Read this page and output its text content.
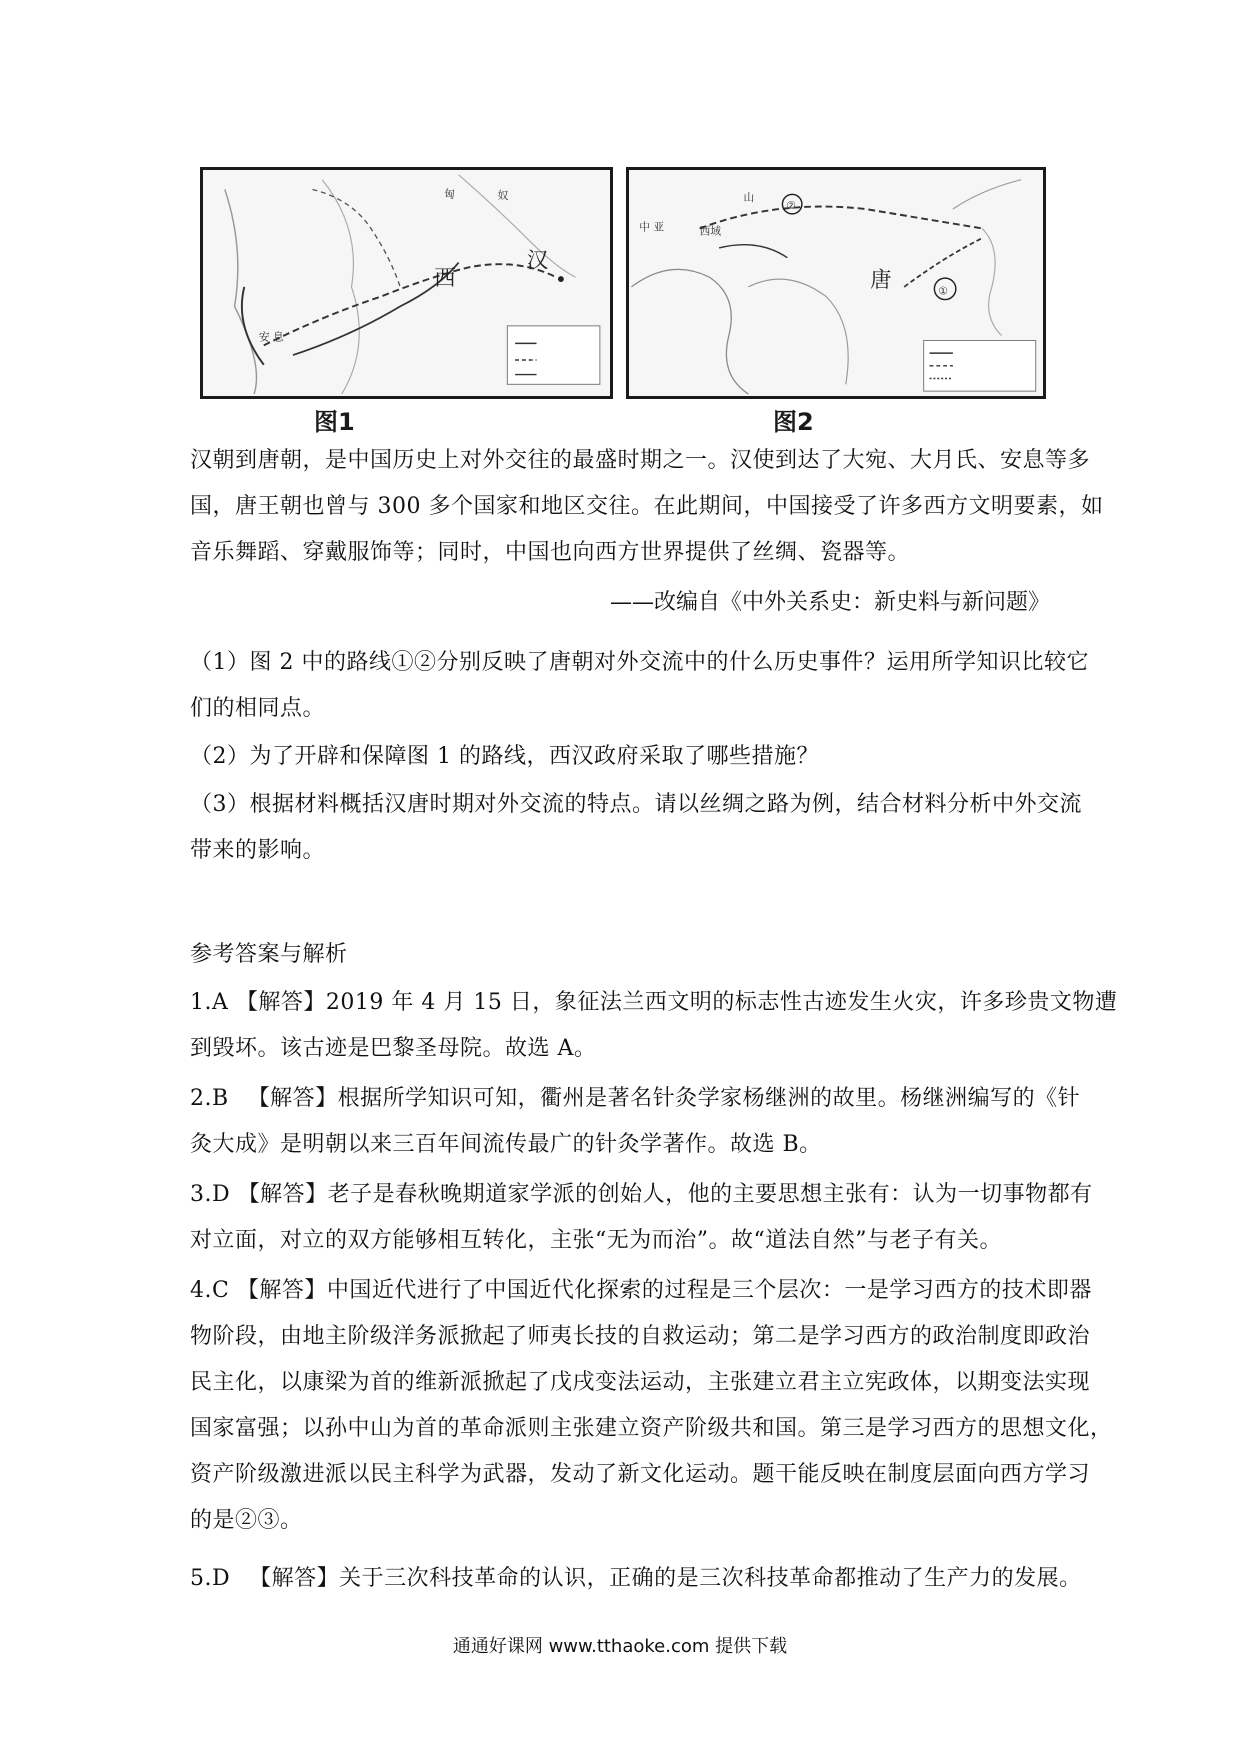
匈	奴
西
汉
安 息
图1
②
①
唐
中 亚
山
西域
图2
汉朝到唐朝，是中国历史上对外交往的最盛时期之一。汉使到达了大宛、大月氏、安息等多
国，唐王朝也曾与 300 多个国家和地区交往。在此期间，中国接受了许多西方文明要素，如
音乐舞蹈、穿戴服饰等；同时，中国也向西方世界提供了丝绸、瓷器等。
——改编自《中外关系史：新史料与新问题》
（1）图 2 中的路线①②分别反映了唐朝对外交流中的什么历史事件？运用所学知识比较它
们的相同点。
（2）为了开辟和保障图 1 的路线，西汉政府采取了哪些措施？
（3）根据材料概括汉唐时期对外交流的特点。请以丝绸之路为例，结合材料分析中外交流
带来的影响。
参考答案与解析
1.A 【解答】2019 年 4 月 15 日，象征法兰西文明的标志性古迹发生火灾，许多珍贵文物遭
到毁坏。该古迹是巴黎圣母院。故选 A。
2.B 　【解答】根据所学知识可知，衢州是著名针灸学家杨继洲的故里。杨继洲编写的《针
灸大成》是明朝以来三百年间流传最广的针灸学著作。故选 B。
3.D 【解答】老子是春秋晚期道家学派的创始人，他的主要思想主张有：认为一切事物都有
对立面，对立的双方能够相互转化，主张“无为而治”。故“道法自然”与老子有关。
4.C 【解答】中国近代进行了中国近代化探索的过程是三个层次：一是学习西方的技术即器
物阶段，由地主阶级洋务派掀起了师夷长技的自救运动；第二是学习西方的政治制度即政治
民主化，以康梁为首的维新派掀起了戊戌变法运动，主张建立君主立宪政体，以期变法实现
国家富强；以孙中山为首的革命派则主张建立资产阶级共和国。第三是学习西方的思想文化，
资产阶级激进派以民主科学为武器，发动了新文化运动。题干能反映在制度层面向西方学习
的是②③。
5.D 　【解答】关于三次科技革命的认识，正确的是三次科技革命都推动了生产力的发展。
通通好课网 www.tthaoke.com 提供下载
